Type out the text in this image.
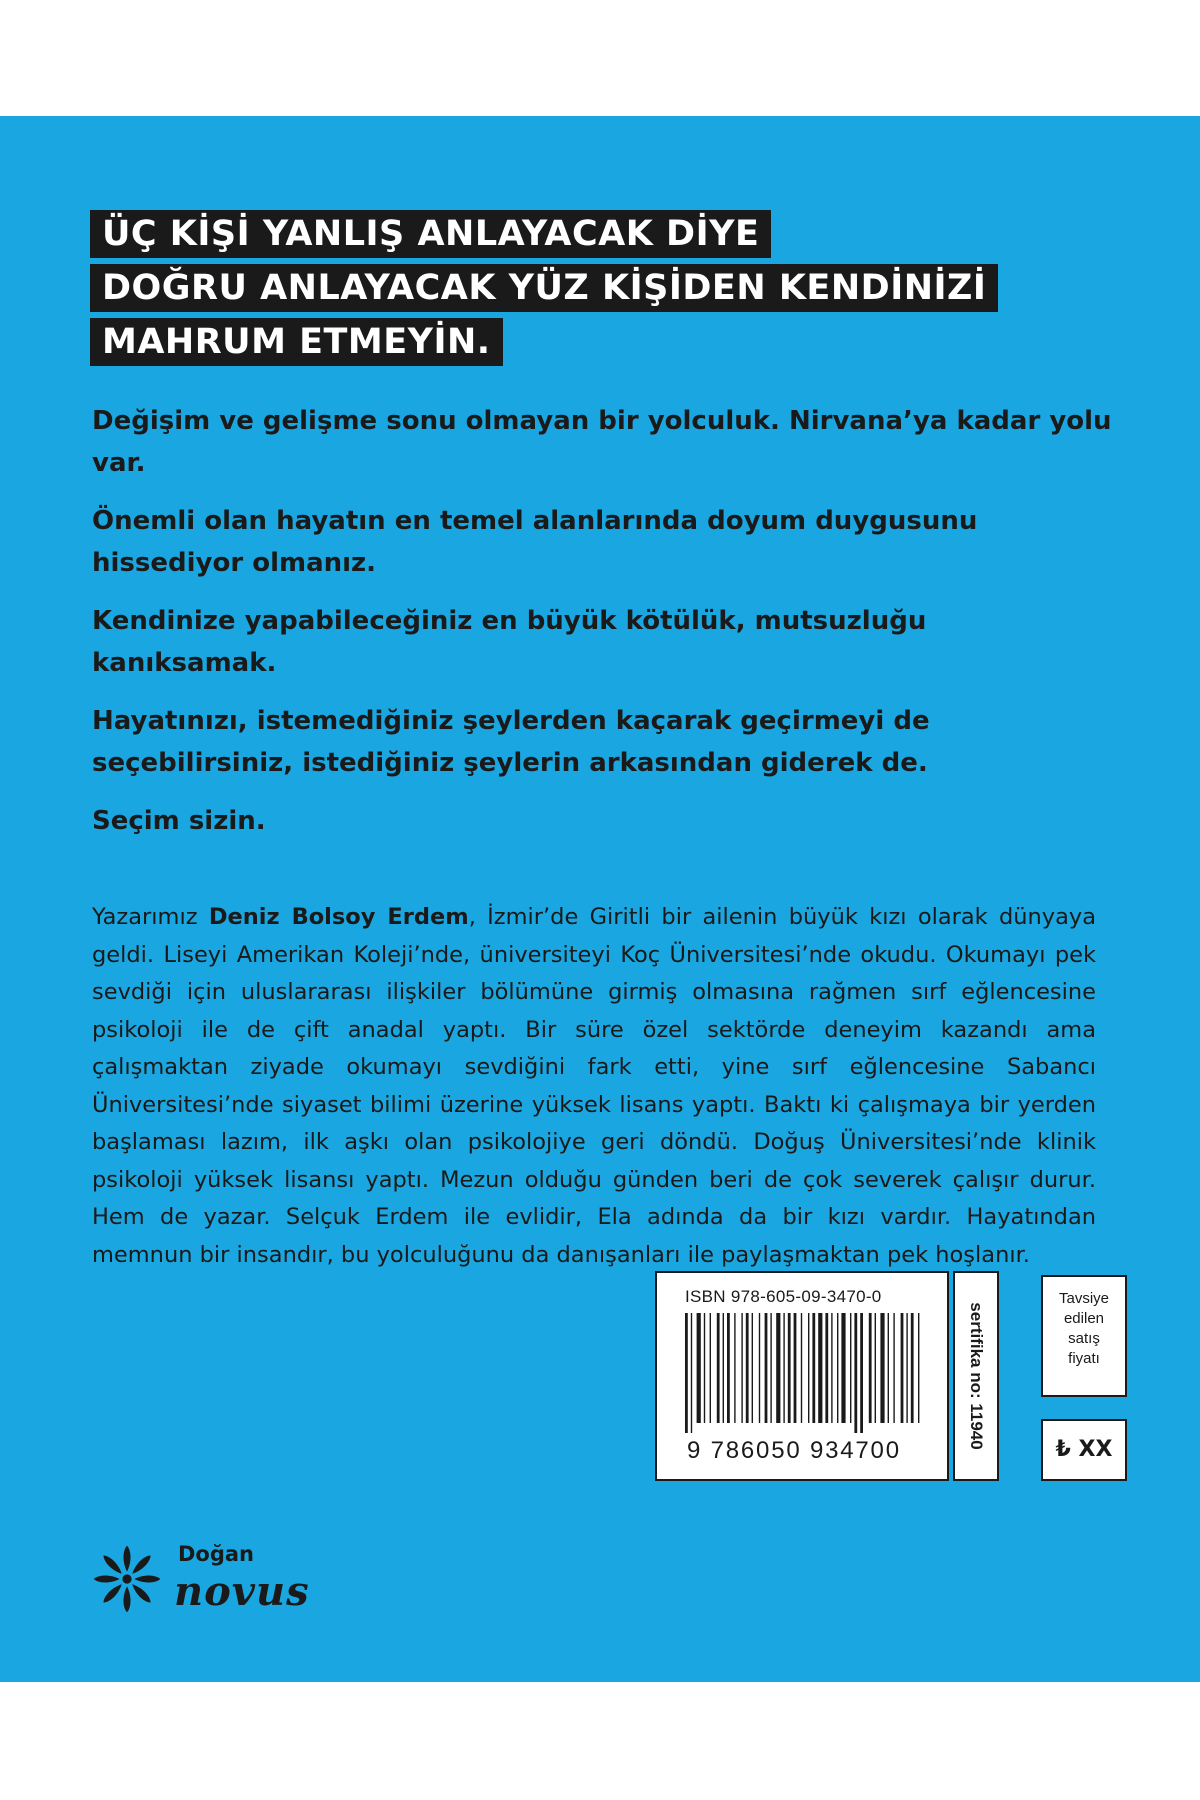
ÜÇ KİŞİ YANLIŞ ANLAYACAK DİYE
DOĞRU ANLAYACAK YÜZ KİŞİDEN KENDİNİZİ
MAHRUM ETMEYİN.

Değişim ve gelişme sonu olmayan bir yolculuk. Nirvana’ya kadar yolu var.

Önemli olan hayatın en temel alanlarında doyum duygusunu hissediyor olmanız.

Kendinize yapabileceğiniz en büyük kötülük, mutsuzluğu kanıksamak.

Hayatınızı, istemediğiniz şeylerden kaçarak geçirmeyi de seçebilirsiniz, istediğiniz şeylerin arkasından giderek de.

Seçim sizin.

Yazarımız Deniz Bolsoy Erdem, İzmir’de Giritli bir ailenin büyük kızı olarak dünyaya geldi. Liseyi Amerikan Koleji’nde, üniversiteyi Koç Üniversitesi’nde okudu. Okumayı pek sevdiği için uluslararası ilişkiler bölümüne girmiş olmasına rağmen sırf eğlencesine psikoloji ile de çift anadal yaptı. Bir süre özel sektörde deneyim kazandı ama çalışmaktan ziyade okumayı sevdiğini fark etti, yine sırf eğlencesine Sabancı Üniversitesi’nde siyaset bilimi üzerine yüksek lisans yaptı. Baktı ki çalışmaya bir yerden başlaması lazım, ilk aşkı olan psikolojiye geri döndü. Doğuş Üniversitesi’nde klinik psikoloji yüksek lisansı yaptı. Mezun olduğu günden beri de çok severek çalışır durur. Hem de yazar. Selçuk Erdem ile evlidir, Ela adında da bir kızı vardır. Hayatından memnun bir insandır, bu yolculuğunu da danışanları ile paylaşmaktan pek hoşlanır.

Doğan
novus
ISBN 978-605-09-3470-0
9 786050 934700
sertifika no: 11940
Tavsiye
edilen
satış
fiyatı
₺ XX
